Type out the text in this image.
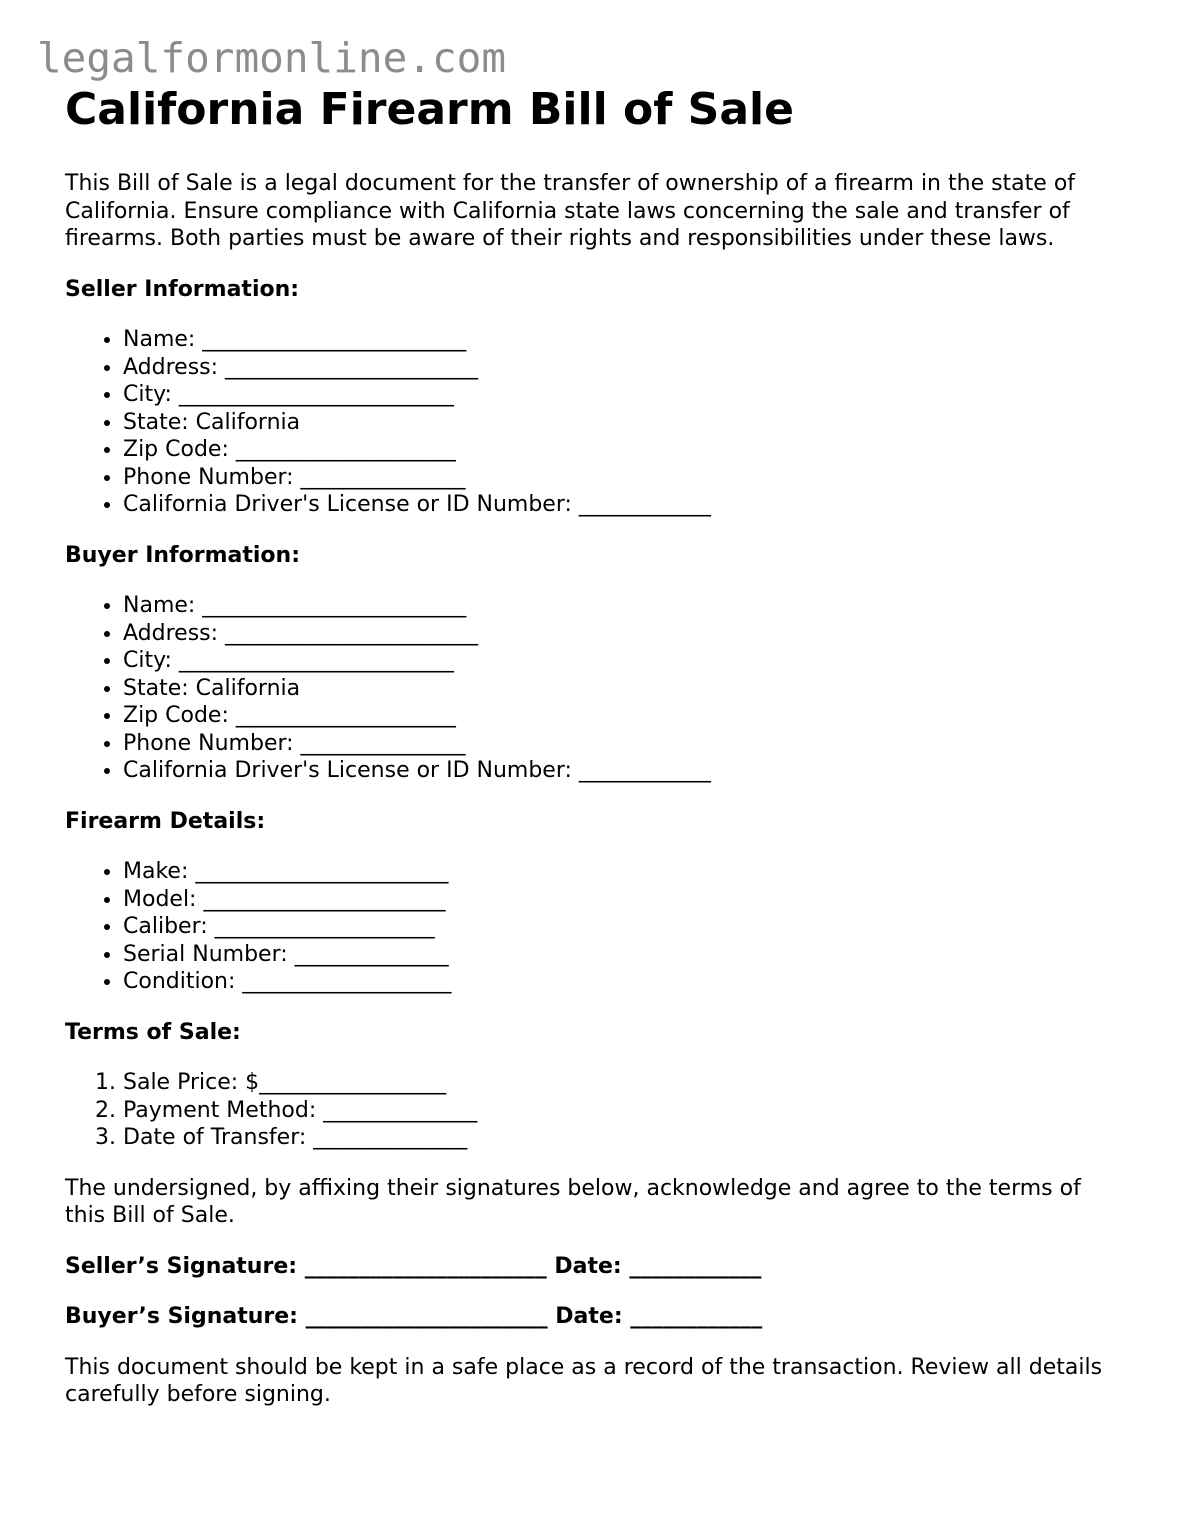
legalformonline.com
California Firearm Bill of Sale

This Bill of Sale is a legal document for the transfer of ownership of a firearm in the state of California. Ensure compliance with California state laws concerning the sale and transfer of firearms. Both parties must be aware of their rights and responsibilities under these laws.

Seller Information:
• Name: ________________________
• Address: _______________________
• City: _________________________
• State: California
• Zip Code: ____________________
• Phone Number: _______________
• California Driver's License or ID Number: ____________
Buyer Information:
• Name: ________________________
• Address: _______________________
• City: _________________________
• State: California
• Zip Code: ____________________
• Phone Number: _______________
• California Driver's License or ID Number: ____________
Firearm Details:
• Make: _______________________
• Model: ______________________
• Caliber: ____________________
• Serial Number: ______________
• Condition: ___________________
Terms of Sale:
1. Sale Price: $_________________
2. Payment Method: ______________
3. Date of Transfer: ______________

The undersigned, by affixing their signatures below, acknowledge and agree to the terms of this Bill of Sale.

Seller’s Signature: ______________________ Date: ____________

Buyer’s Signature: ______________________ Date: ____________

This document should be kept in a safe place as a record of the transaction. Review all details carefully before signing.
